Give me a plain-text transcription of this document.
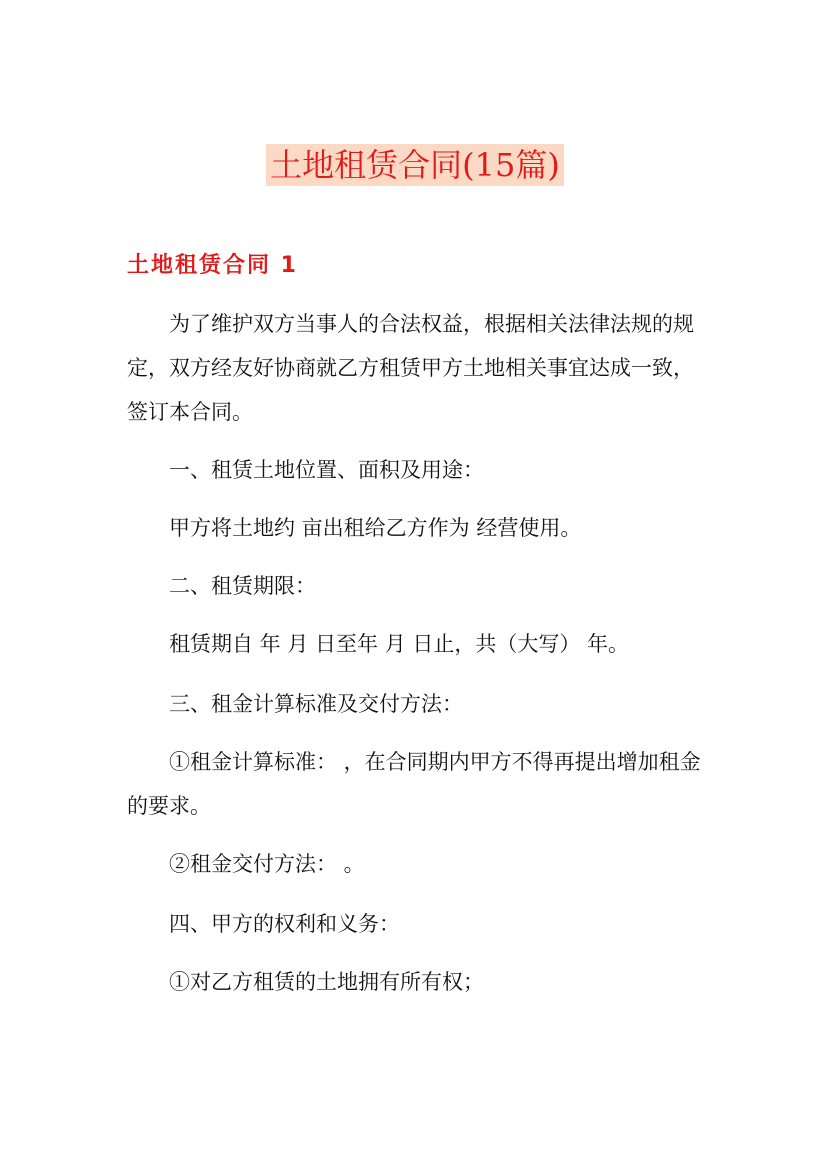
土地租赁合同(15篇)
土地租赁合同 1

为了维护双方当事人的合法权益，根据相关法律法规的规定，双方经友好协商就乙方租赁甲方土地相关事宜达成一致，签订本合同。

一、租赁土地位置、面积及用途：

甲方将土地约 亩出租给乙方作为 经营使用。

二、租赁期限：

租赁期自 年 月 日至年 月 日止，共（大写） 年。

三、租金计算标准及交付方法：

①租金计算标准： ，在合同期内甲方不得再提出增加租金的要求。

②租金交付方法： 。

四、甲方的权利和义务：

①对乙方租赁的土地拥有所有权；
